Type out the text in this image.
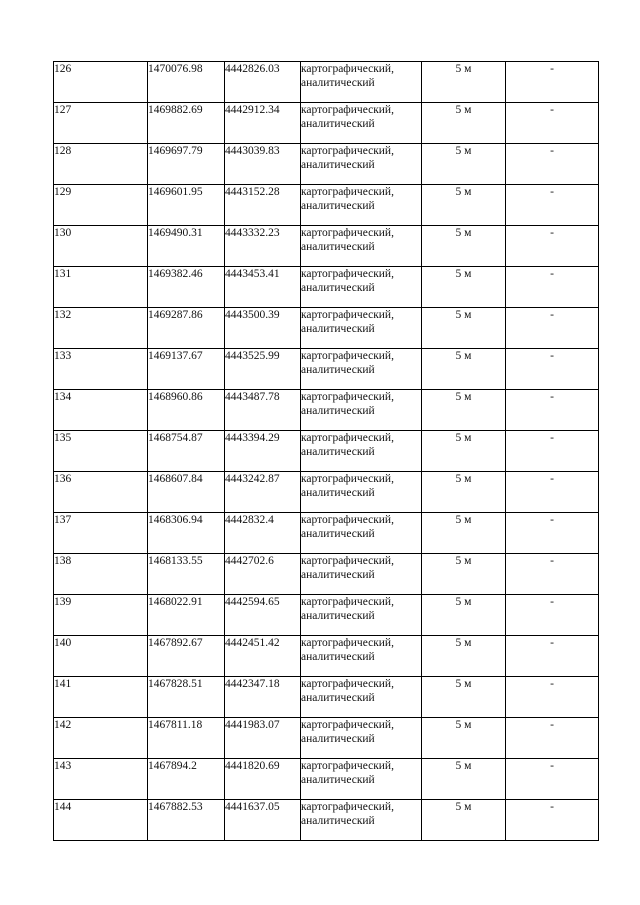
126	1470076.98	4442826.03	картографический,
аналитический	5 м	-
127	1469882.69	4442912.34	картографический,
аналитический	5 м	-
128	1469697.79	4443039.83	картографический,
аналитический	5 м	-
129	1469601.95	4443152.28	картографический,
аналитический	5 м	-
130	1469490.31	4443332.23	картографический,
аналитический	5 м	-
131	1469382.46	4443453.41	картографический,
аналитический	5 м	-
132	1469287.86	4443500.39	картографический,
аналитический	5 м	-
133	1469137.67	4443525.99	картографический,
аналитический	5 м	-
134	1468960.86	4443487.78	картографический,
аналитический	5 м	-
135	1468754.87	4443394.29	картографический,
аналитический	5 м	-
136	1468607.84	4443242.87	картографический,
аналитический	5 м	-
137	1468306.94	4442832.4	картографический,
аналитический	5 м	-
138	1468133.55	4442702.6	картографический,
аналитический	5 м	-
139	1468022.91	4442594.65	картографический,
аналитический	5 м	-
140	1467892.67	4442451.42	картографический,
аналитический	5 м	-
141	1467828.51	4442347.18	картографический,
аналитический	5 м	-
142	1467811.18	4441983.07	картографический,
аналитический	5 м	-
143	1467894.2	4441820.69	картографический,
аналитический	5 м	-
144	1467882.53	4441637.05	картографический,
аналитический	5 м	-
